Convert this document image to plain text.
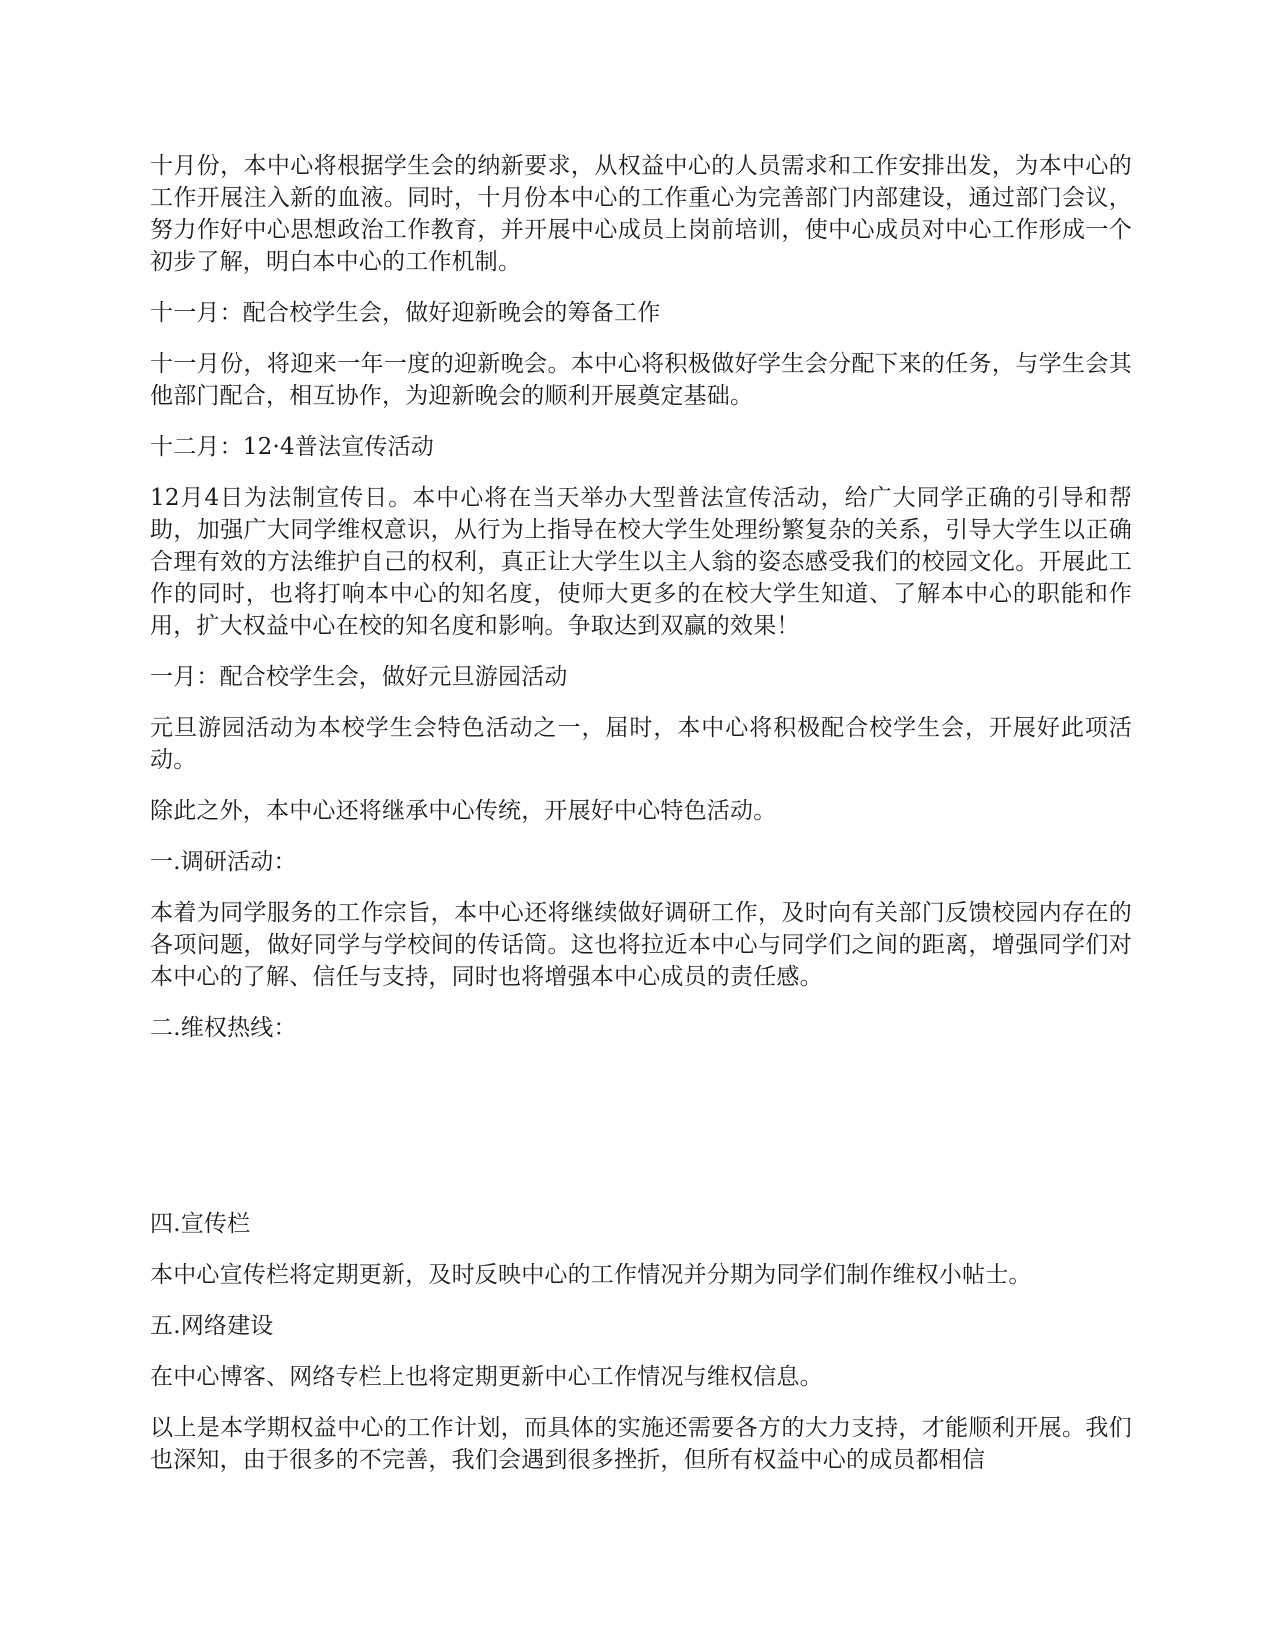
十月份，本中心将根据学生会的纳新要求，从权益中心的人员需求和工作安排出发，为本中心的工作开展注入新的血液。同时，十月份本中心的工作重心为完善部门内部建设，通过部门会议，努力作好中心思想政治工作教育，并开展中心成员上岗前培训，使中心成员对中心工作形成一个初步了解，明白本中心的工作机制。

十一月：配合校学生会，做好迎新晚会的筹备工作

十一月份，将迎来一年一度的迎新晚会。本中心将积极做好学生会分配下来的任务，与学生会其他部门配合，相互协作，为迎新晚会的顺利开展奠定基础。

十二月：12·4普法宣传活动

12月4日为法制宣传日。本中心将在当天举办大型普法宣传活动，给广大同学正确的引导和帮助，加强广大同学维权意识，从行为上指导在校大学生处理纷繁复杂的关系，引导大学生以正确合理有效的方法维护自己的权利，真正让大学生以主人翁的姿态感受我们的校园文化。开展此工作的同时，也将打响本中心的知名度，使师大更多的在校大学生知道、了解本中心的职能和作用，扩大权益中心在校的知名度和影响。争取达到双赢的效果！

一月：配合校学生会，做好元旦游园活动

元旦游园活动为本校学生会特色活动之一，届时，本中心将积极配合校学生会，开展好此项活动。

除此之外，本中心还将继承中心传统，开展好中心特色活动。

一.调研活动：

本着为同学服务的工作宗旨，本中心还将继续做好调研工作，及时向有关部门反馈校园内存在的各项问题，做好同学与学校间的传话筒。这也将拉近本中心与同学们之间的距离，增强同学们对本中心的了解、信任与支持，同时也将增强本中心成员的责任感。

二.维权热线：

四.宣传栏

本中心宣传栏将定期更新，及时反映中心的工作情况并分期为同学们制作维权小帖士。

五.网络建设

在中心博客、网络专栏上也将定期更新中心工作情况与维权信息。

以上是本学期权益中心的工作计划，而具体的实施还需要各方的大力支持，才能顺利开展。我们也深知，由于很多的不完善，我们会遇到很多挫折，但所有权益中心的成员都相信
